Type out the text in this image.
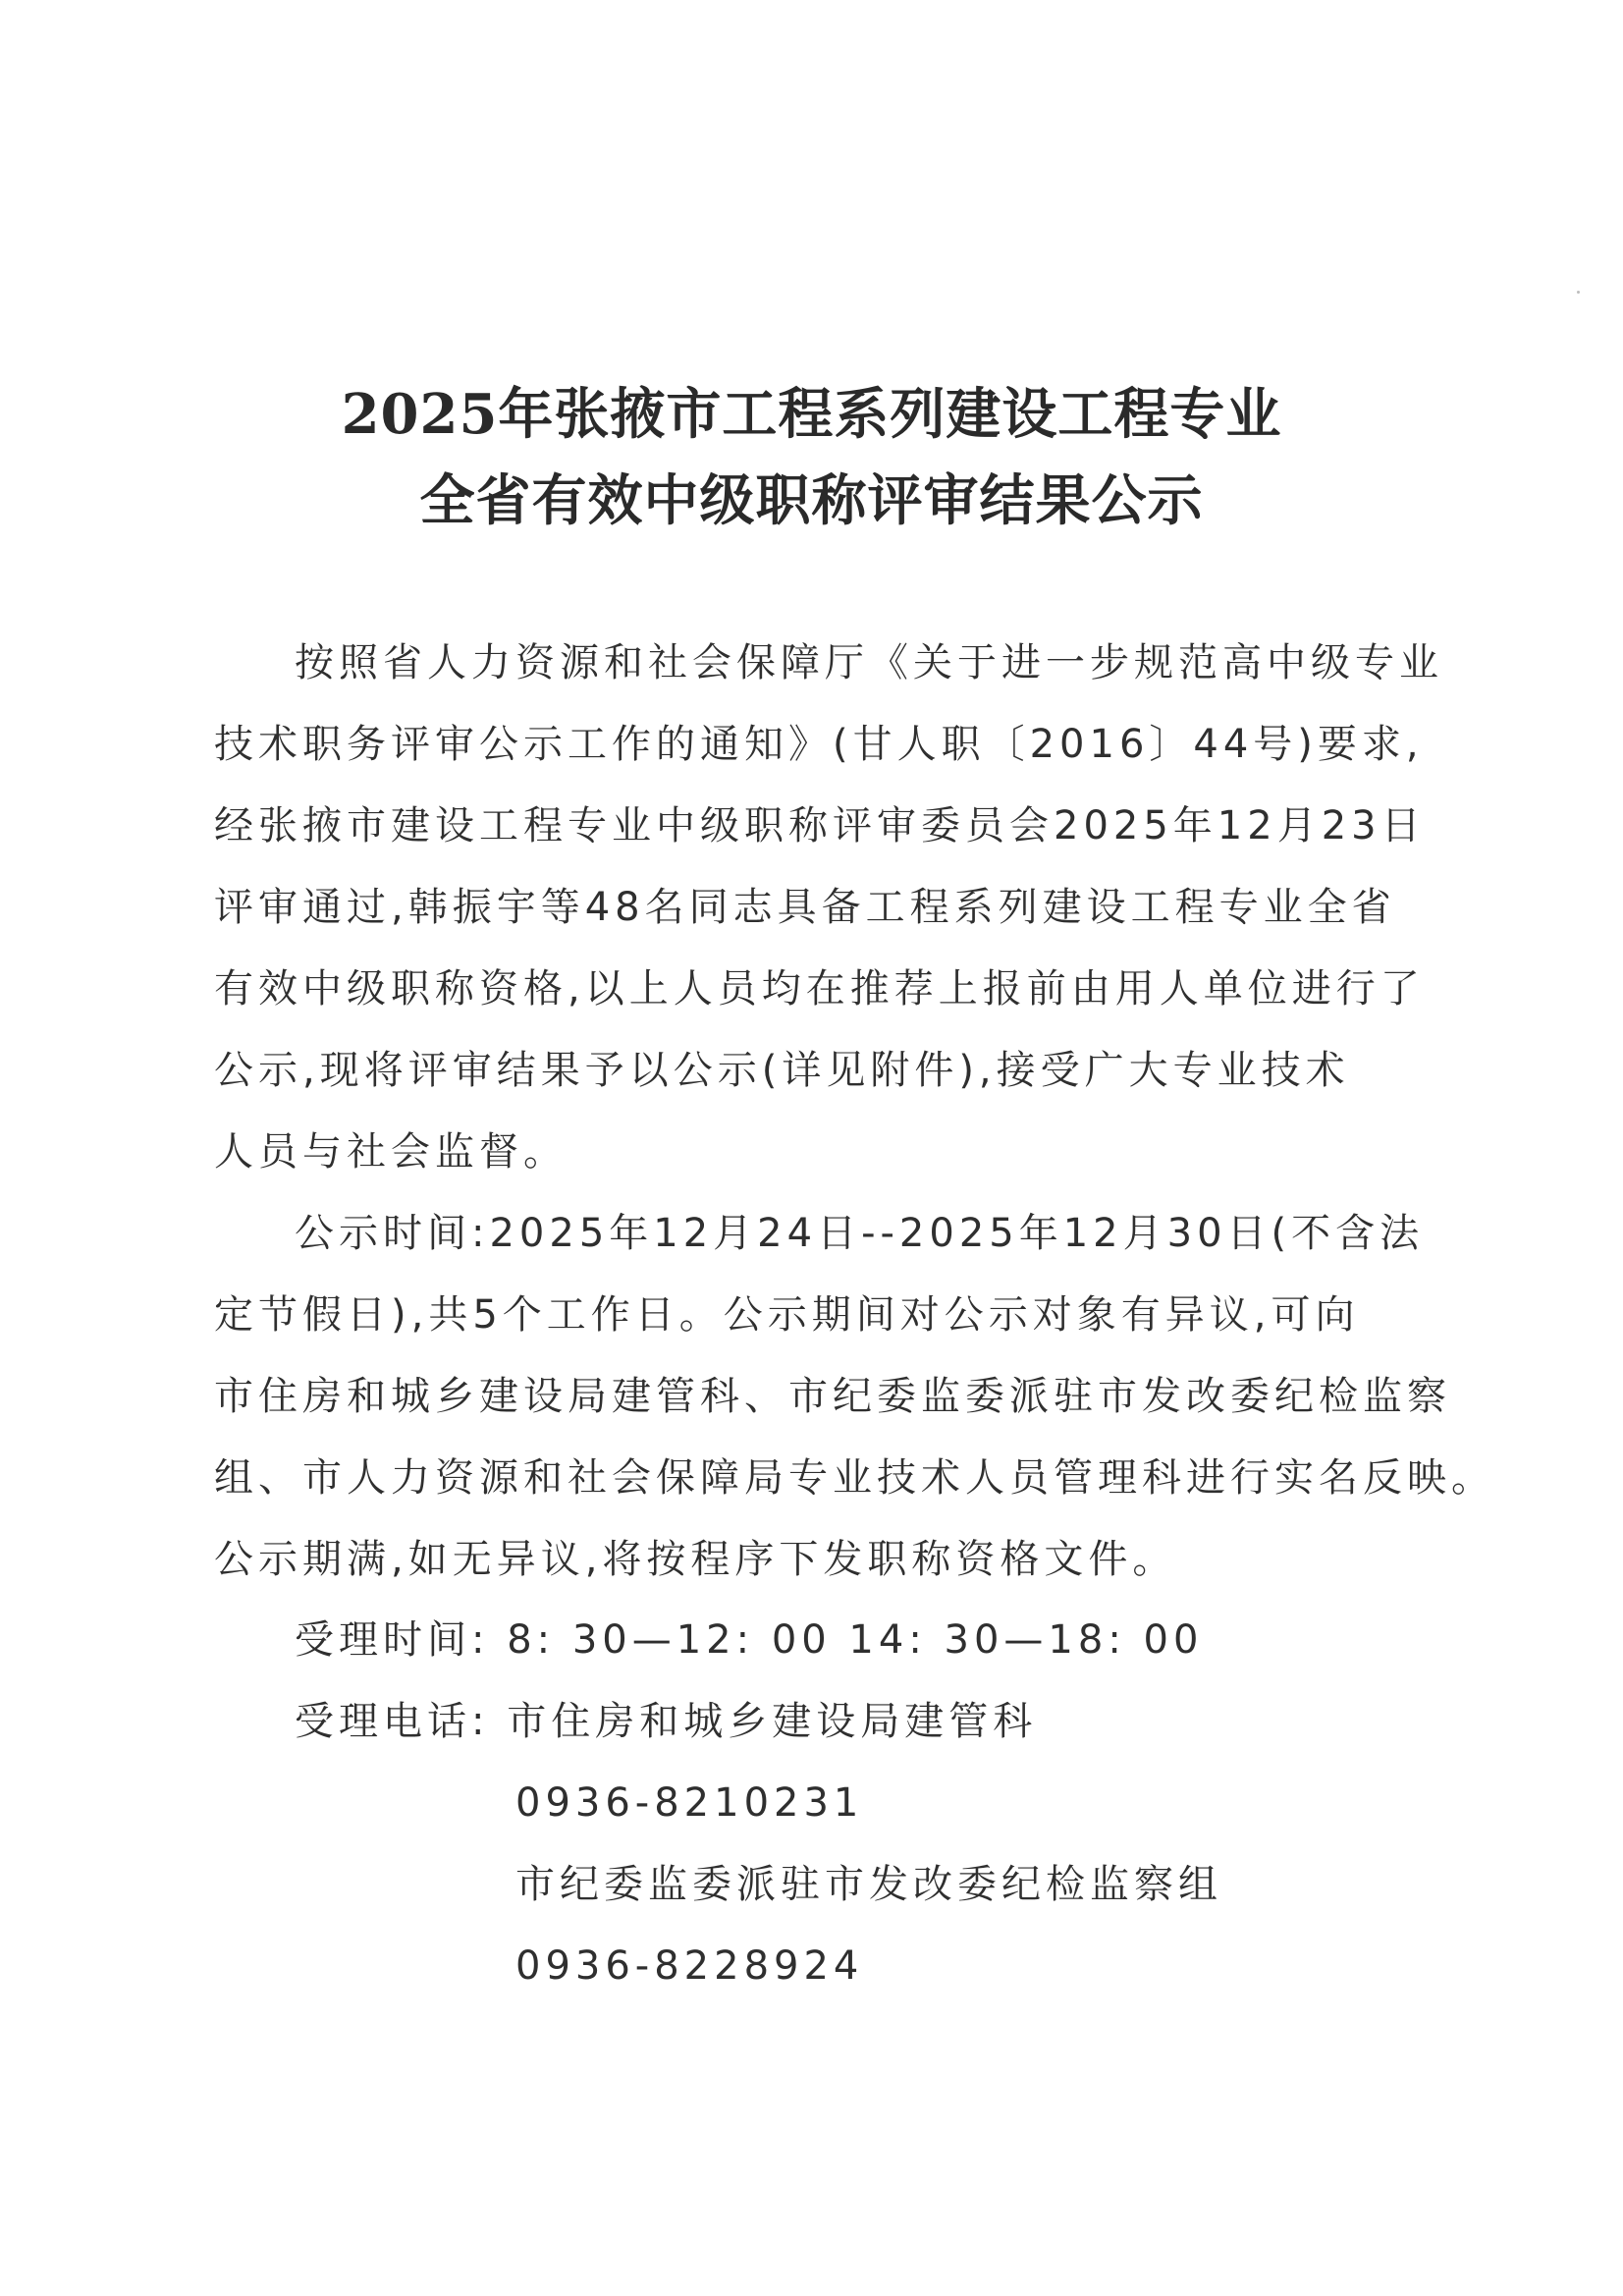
2025年张掖市工程系列建设工程专业
全省有效中级职称评审结果公示

按照省人力资源和社会保障厅《关于进一步规范高中级专业

技术职务评审公示工作的通知》(甘人职〔2016〕44号)要求,

经张掖市建设工程专业中级职称评审委员会2025年12月23日

评审通过,韩振宇等48名同志具备工程系列建设工程专业全省

有效中级职称资格,以上人员均在推荐上报前由用人单位进行了

公示,现将评审结果予以公示(详见附件),接受广大专业技术

人员与社会监督。

公示时间:2025年12月24日--2025年12月30日(不含法

定节假日),共5个工作日。公示期间对公示对象有异议,可向

市住房和城乡建设局建管科、市纪委监委派驻市发改委纪检监察

组、市人力资源和社会保障局专业技术人员管理科进行实名反映。

公示期满,如无异议,将按程序下发职称资格文件。

受理时间: 8: 30—12: 00 14: 30—18: 00

受理电话: 市住房和城乡建设局建管科

0936-8210231

市纪委监委派驻市发改委纪检监察组

0936-8228924
